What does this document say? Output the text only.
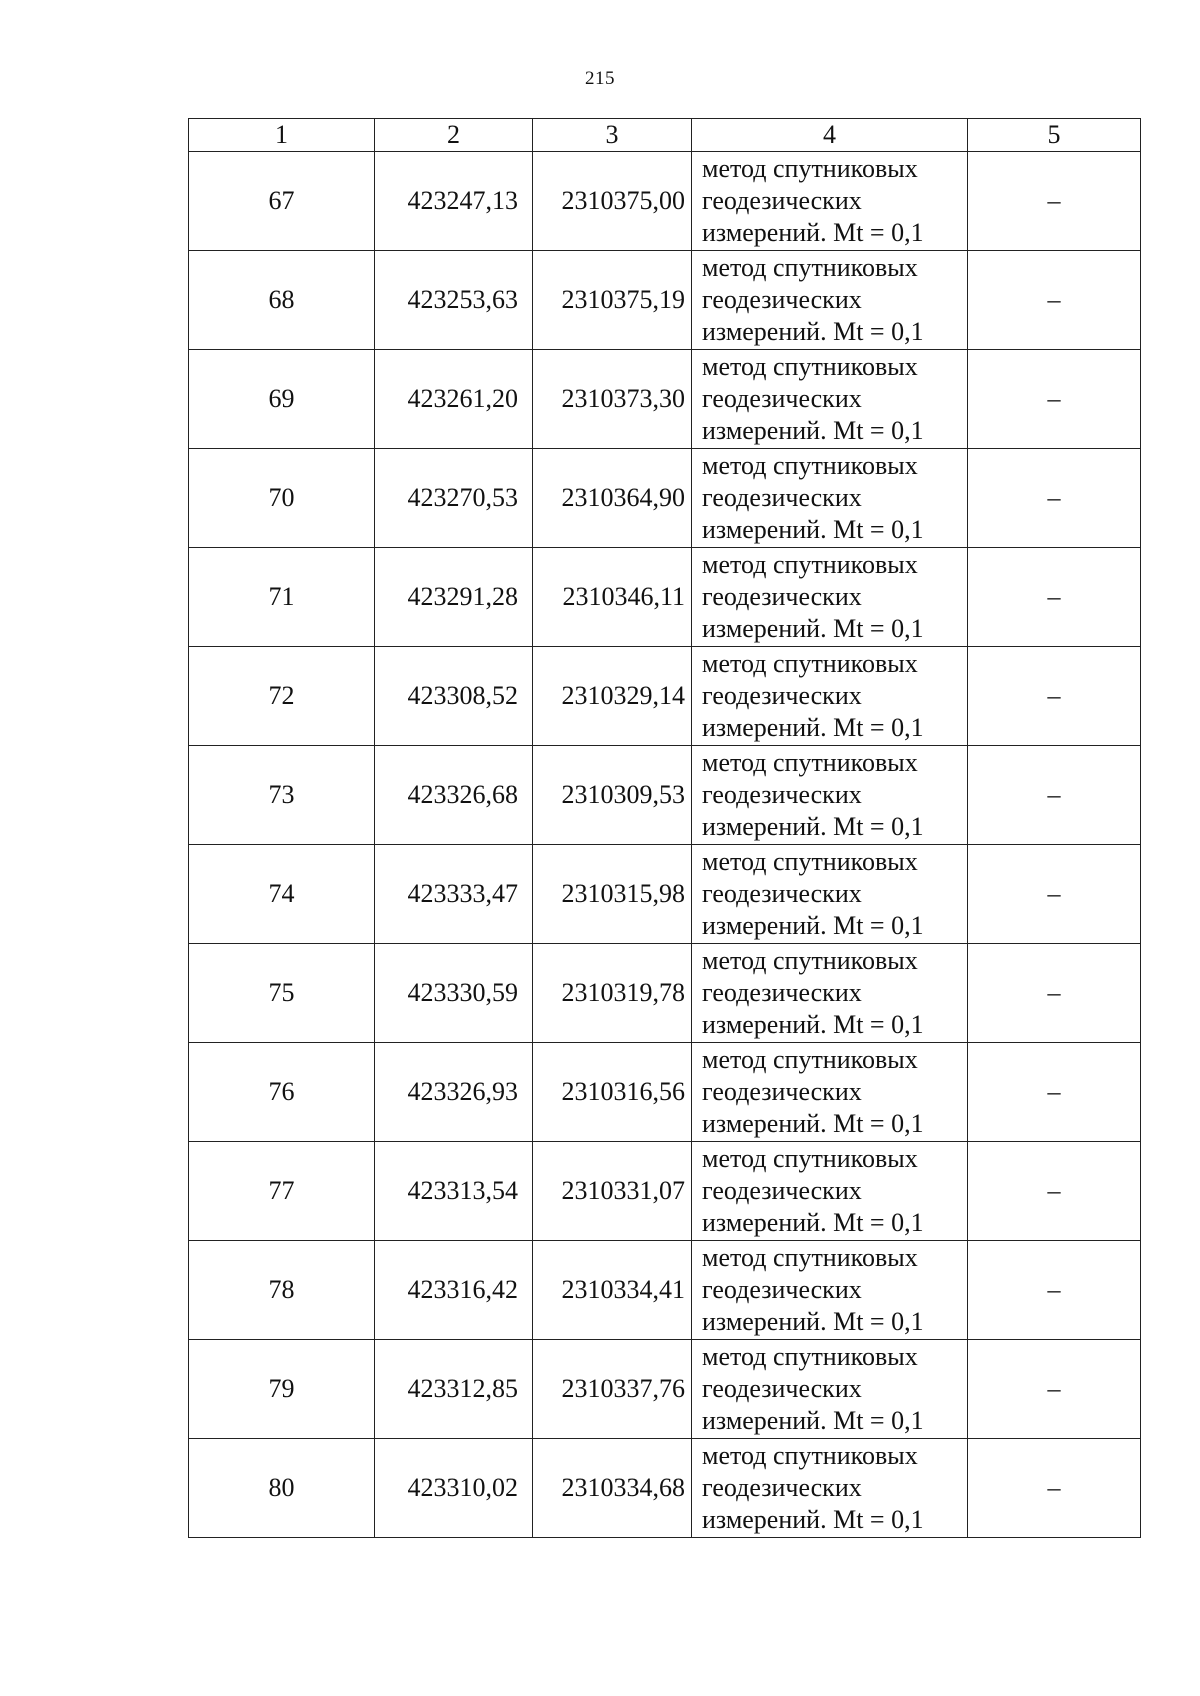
215
1	2	3	4	5
67	423247,13	2310375,00	метод спутниковых
геодезических
измерений. Mt = 0,1	–
68	423253,63	2310375,19	метод спутниковых
геодезических
измерений. Mt = 0,1	–
69	423261,20	2310373,30	метод спутниковых
геодезических
измерений. Mt = 0,1	–
70	423270,53	2310364,90	метод спутниковых
геодезических
измерений. Mt = 0,1	–
71	423291,28	2310346,11	метод спутниковых
геодезических
измерений. Mt = 0,1	–
72	423308,52	2310329,14	метод спутниковых
геодезических
измерений. Mt = 0,1	–
73	423326,68	2310309,53	метод спутниковых
геодезических
измерений. Mt = 0,1	–
74	423333,47	2310315,98	метод спутниковых
геодезических
измерений. Mt = 0,1	–
75	423330,59	2310319,78	метод спутниковых
геодезических
измерений. Mt = 0,1	–
76	423326,93	2310316,56	метод спутниковых
геодезических
измерений. Mt = 0,1	–
77	423313,54	2310331,07	метод спутниковых
геодезических
измерений. Mt = 0,1	–
78	423316,42	2310334,41	метод спутниковых
геодезических
измерений. Mt = 0,1	–
79	423312,85	2310337,76	метод спутниковых
геодезических
измерений. Mt = 0,1	–
80	423310,02	2310334,68	метод спутниковых
геодезических
измерений. Mt = 0,1	–
